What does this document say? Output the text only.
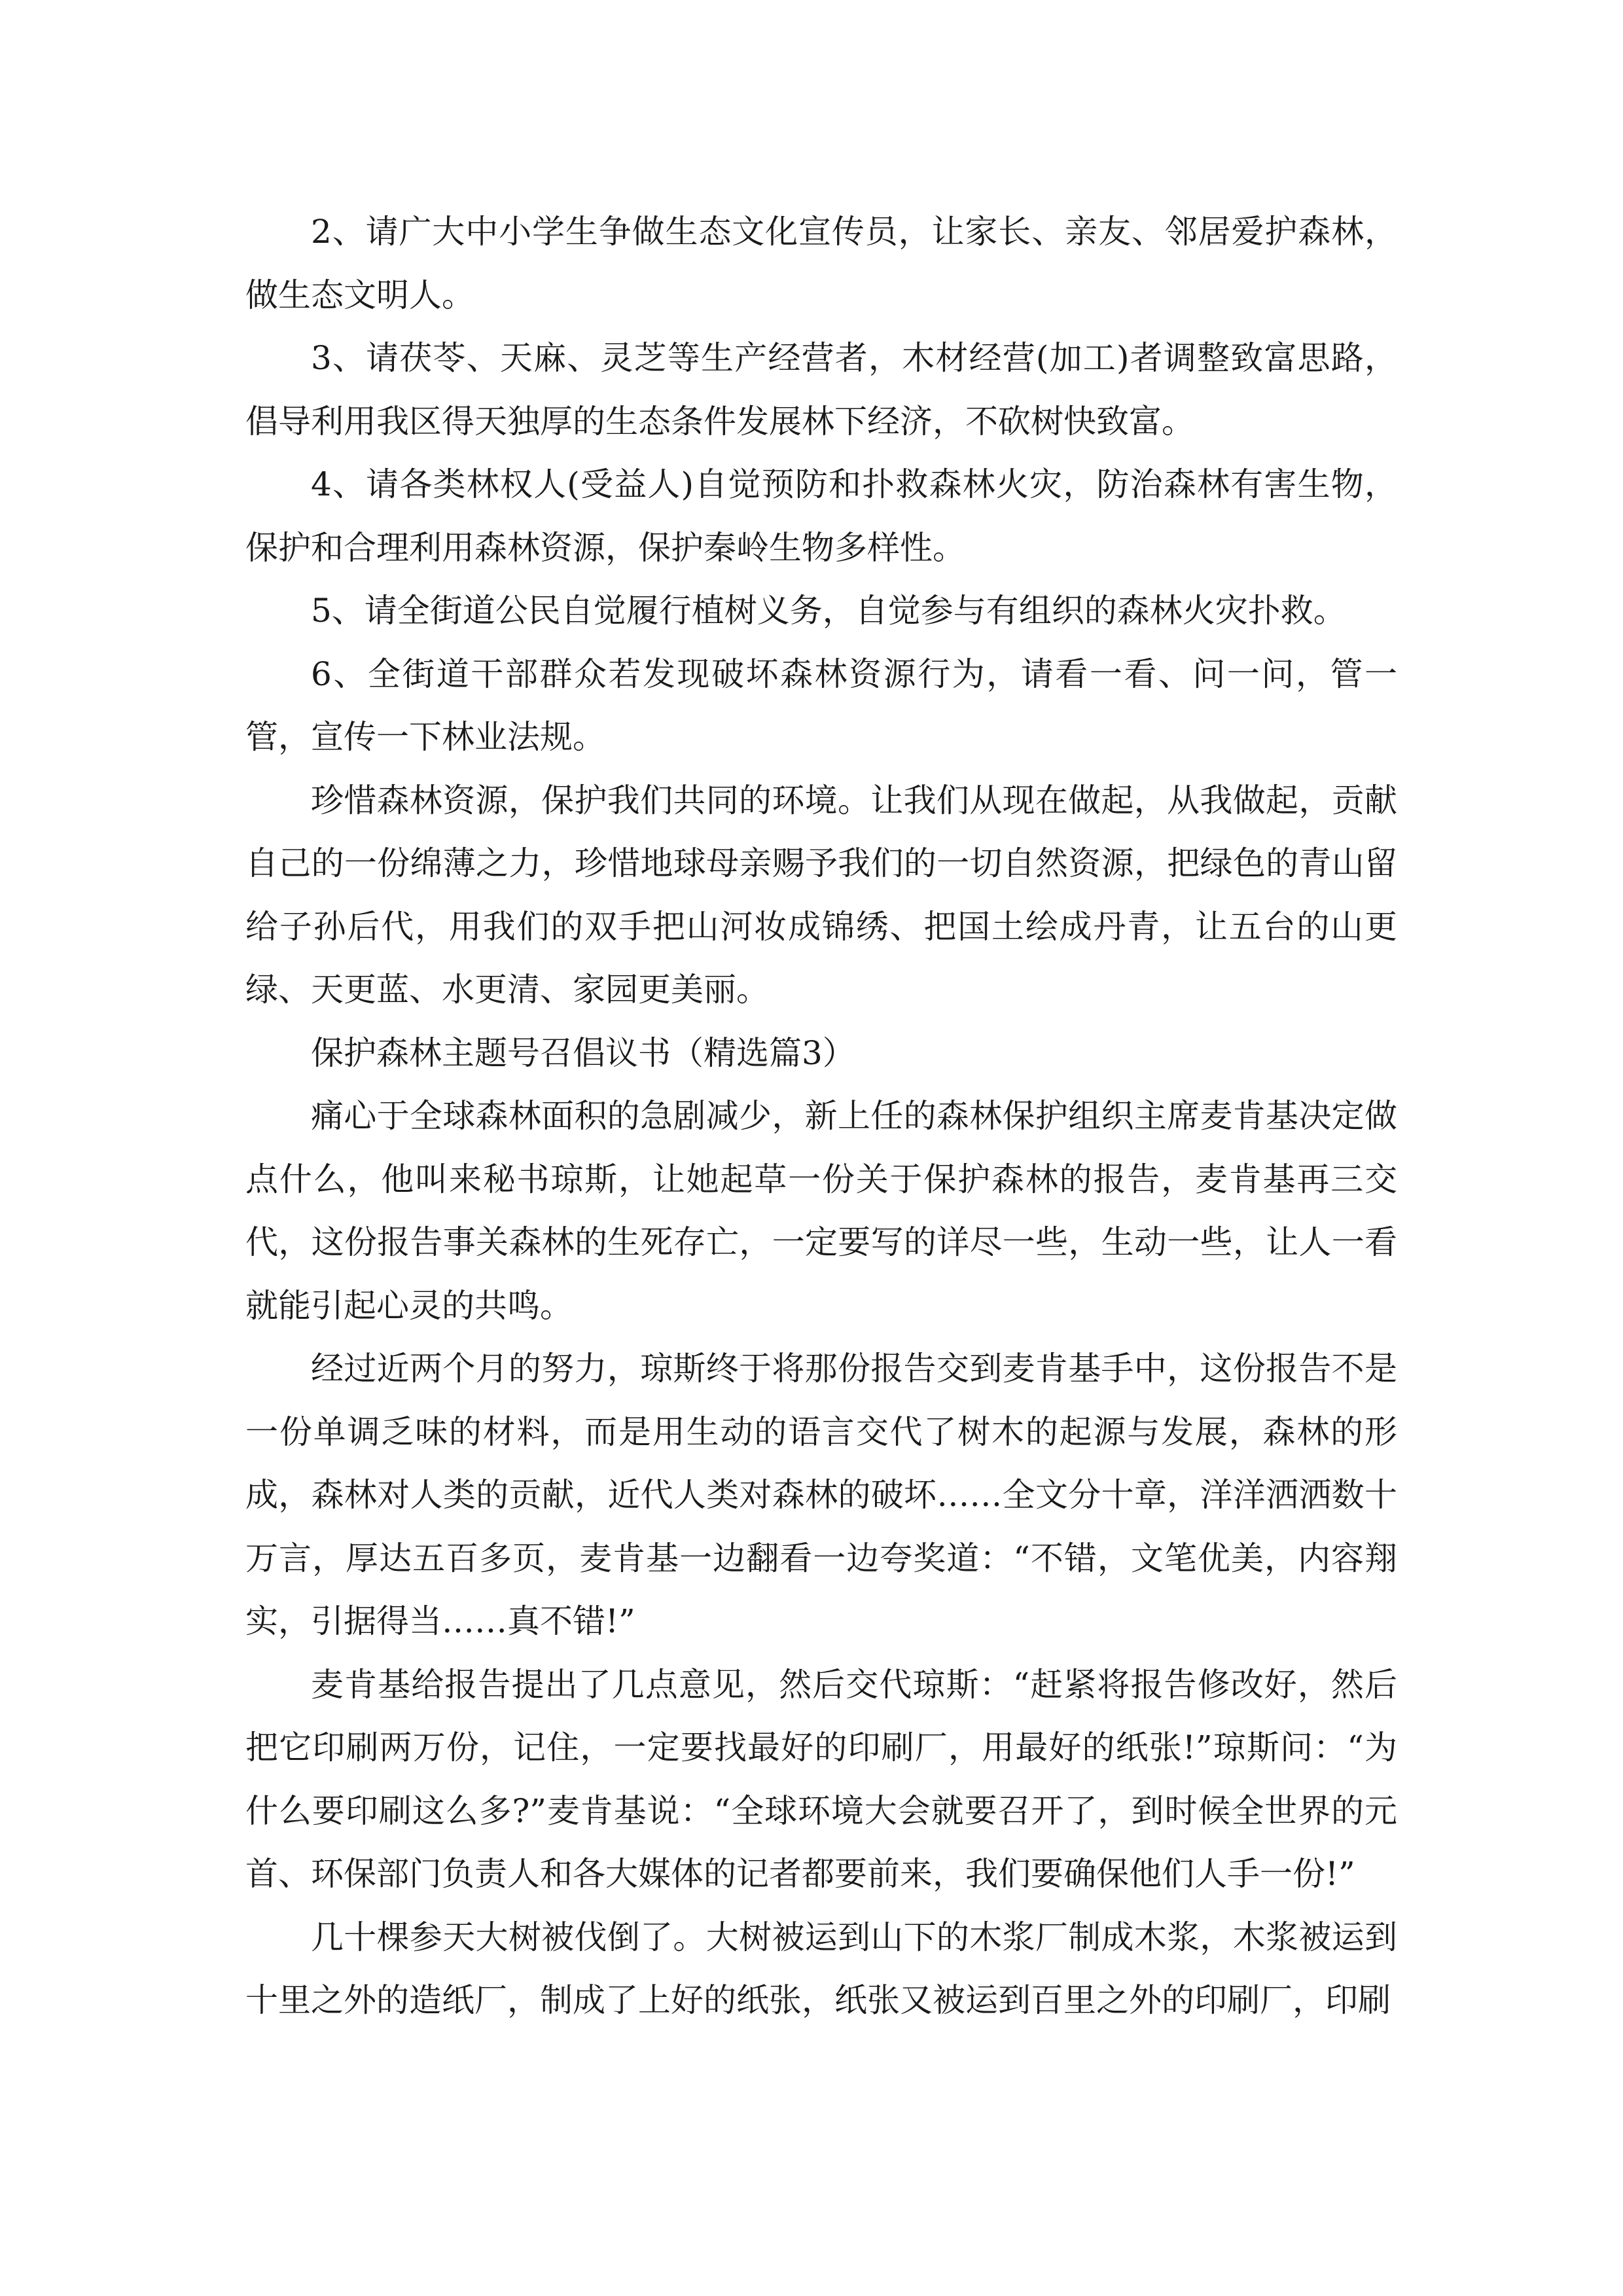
2、请广大中小学生争做生态文化宣传员，让家长、亲友、邻居爱护森林，做生态文明人。

3、请茯苓、天麻、灵芝等生产经营者，木材经营(加工)者调整致富思路，倡导利用我区得天独厚的生态条件发展林下经济，不砍树快致富。

4、请各类林权人(受益人)自觉预防和扑救森林火灾，防治森林有害生物，保护和合理利用森林资源，保护秦岭生物多样性。

5、请全街道公民自觉履行植树义务，自觉参与有组织的森林火灾扑救。

6、全街道干部群众若发现破坏森林资源行为，请看一看、问一问，管一管，宣传一下林业法规。

珍惜森林资源，保护我们共同的环境。让我们从现在做起，从我做起，贡献自己的一份绵薄之力，珍惜地球母亲赐予我们的一切自然资源，把绿色的青山留给子孙后代，用我们的双手把山河妆成锦绣、把国土绘成丹青，让五台的山更绿、天更蓝、水更清、家园更美丽。

保护森林主题号召倡议书（精选篇3）

痛心于全球森林面积的急剧减少，新上任的森林保护组织主席麦肯基决定做点什么，他叫来秘书琼斯，让她起草一份关于保护森林的报告，麦肯基再三交代，这份报告事关森林的生死存亡，一定要写的详尽一些，生动一些，让人一看就能引起心灵的共鸣。

经过近两个月的努力，琼斯终于将那份报告交到麦肯基手中，这份报告不是一份单调乏味的材料，而是用生动的语言交代了树木的起源与发展，森林的形成，森林对人类的贡献，近代人类对森林的破坏……全文分十章，洋洋洒洒数十万言，厚达五百多页，麦肯基一边翻看一边夸奖道：“不错，文笔优美，内容翔实，引据得当……真不错!”

麦肯基给报告提出了几点意见，然后交代琼斯：“赶紧将报告修改好，然后把它印刷两万份，记住，一定要找最好的印刷厂，用最好的纸张!”琼斯问：“为什么要印刷这么多?”麦肯基说：“全球环境大会就要召开了，到时候全世界的元首、环保部门负责人和各大媒体的记者都要前来，我们要确保他们人手一份!”

几十棵参天大树被伐倒了。大树被运到山下的木浆厂制成木浆，木浆被运到十里之外的造纸厂，制成了上好的纸张，纸张又被运到百里之外的印刷厂，印刷
